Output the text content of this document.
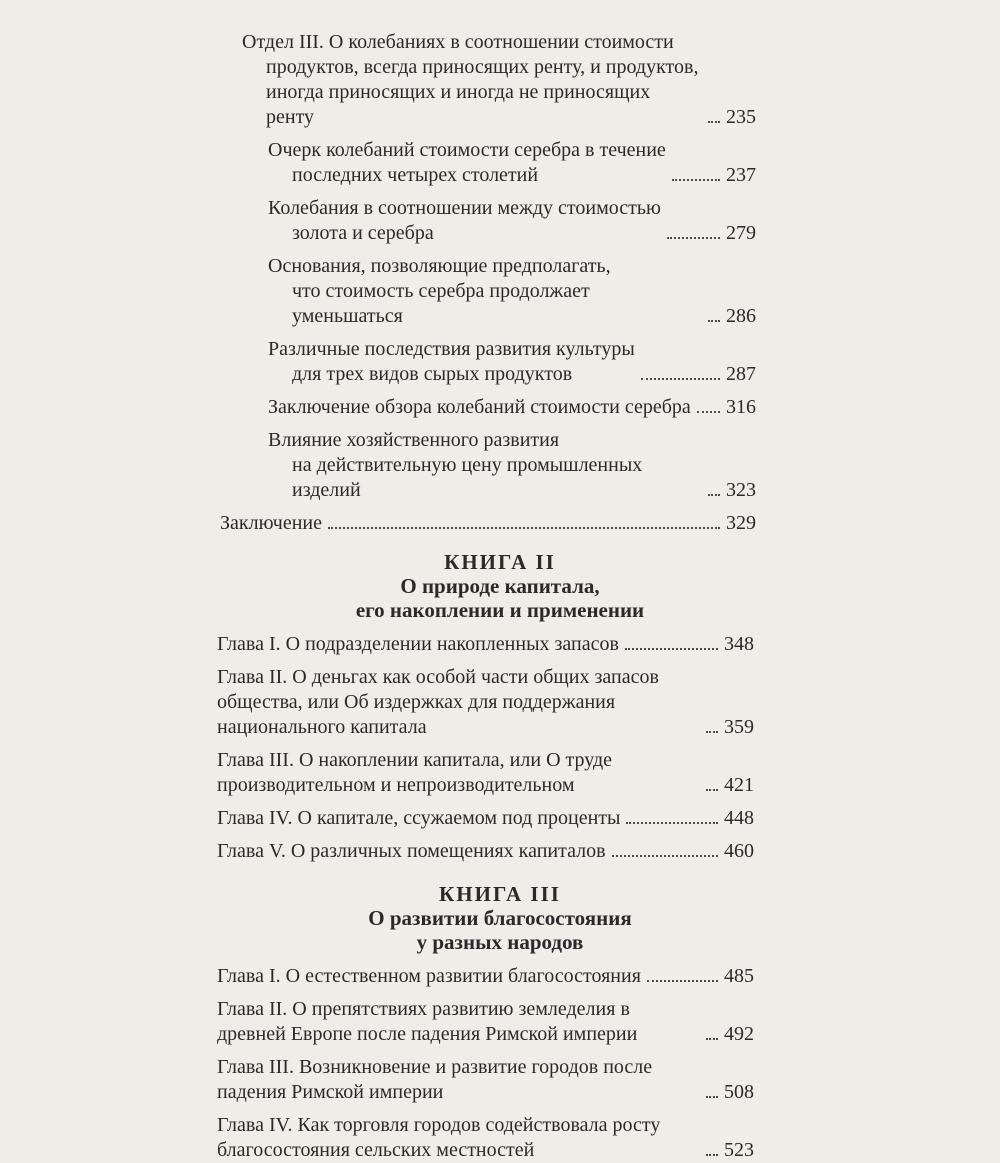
Отдел III. О колебаниях в соотношении стоимости
продуктов, всегда приносящих ренту, и продуктов,
иногда приносящих и иногда не приносящих ренту	235
Очерк колебаний стоимости серебра в течение
последних четырех столетий	237
Колебания в соотношении между стоимостью
золота и серебра	279
Основания, позволяющие предполагать,
что стоимость серебра продолжает уменьшаться	286
Различные последствия развития культуры
для трех видов сырых продуктов	287
Заключение обзора колебаний стоимости серебра 316
Влияние хозяйственного развития
на действительную цену промышленных изделий	323
Заключение	329
КНИГА II
О природе капитала,
его накоплении и применении
Глава I. О подразделении накопленных запасов	348
Глава II. О деньгах как особой части общих запасов общества, или Об издержках для поддержания национального капитала	359
Глава III. О накоплении капитала, или О труде производительном и непроизводительном	421
Глава IV. О капитале, ссужаемом под проценты	448
Глава V. О различных помещениях капиталов	460
КНИГА III
О развитии благосостояния
у разных народов
Глава I. О естественном развитии благосостояния	485
Глава II. О препятствиях развитию земледелия в древней Европе после падения Римской империи	492
Глава III. Возникновение и развитие городов после падения Римской империи	508
Глава IV. Как торговля городов содействовала росту благосостояния сельских местностей	523
